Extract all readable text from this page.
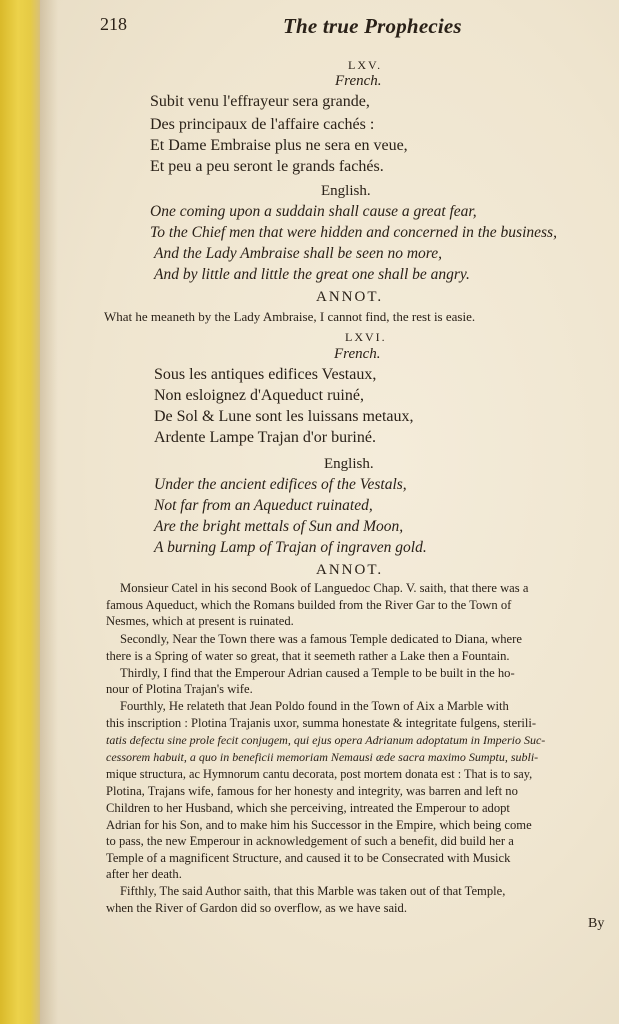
218	The true Prophecies
LXV.
French.
Subit venu l'effrayeur sera grande,
Des principaux de l'affaire cachés :
Et Dame Embraise plus ne sera en veue,
Et peu a peu seront le grands fachés.
English.
One coming upon a suddain shall cause a great fear,
To the Chief men that were hidden and concerned in the business,
And the Lady Ambraise shall be seen no more,
And by little and little the great one shall be angry.
ANNOT.
What he meaneth by the Lady Ambraise, I cannot find, the rest is easie.
LXVI.
French.
Sous les antiques edifices Vestaux,
Non esloignez d'Aqueduct ruiné,
De Sol & Lune sont les luissans metaux,
Ardente Lampe Trajan d'or buriné.
English.
Under the ancient edifices of the Vestals,
Not far from an Aqueduct ruinated,
Are the bright mettals of Sun and Moon,
A burning Lamp of Trajan of ingraven gold.
ANNOT.
Monsieur Catel in his second Book of Languedoc Chap. V. saith, that there was a
famous Aqueduct, which the Romans builded from the River Gar to the Town of
Nesmes, which at present is ruinated.
Secondly, Near the Town there was a famous Temple dedicated to Diana, where
there is a Spring of water so great, that it seemeth rather a Lake then a Fountain.
Thirdly, I find that the Emperour Adrian caused a Temple to be built in the ho-
nour of Plotina Trajan's wife.
Fourthly, He relateth that Jean Poldo found in the Town of Aix a Marble with
this inscription : Plotina Trajanis uxor, summa honestate & integritate fulgens, sterili-
tatis defectu sine prole fecit conjugem, qui ejus opera Adrianum adoptatum in Imperio Suc-
cessorem habuit, a quo in beneficii memoriam Nemausi æde sacra maximo Sumptu, subli-
mique structura, ac Hymnorum cantu decorata, post mortem donata est : That is to say,
Plotina, Trajans wife, famous for her honesty and integrity, was barren and left no
Children to her Husband, which she perceiving, intreated the Emperour to adopt
Adrian for his Son, and to make him his Successor in the Empire, which being come
to pass, the new Emperour in acknowledgement of such a benefit, did build her a
Temple of a magnificent Structure, and caused it to be Consecrated with Musick
after her death.
Fifthly, The said Author saith, that this Marble was taken out of that Temple,
when the River of Gardon did so overflow, as we have said.
By
